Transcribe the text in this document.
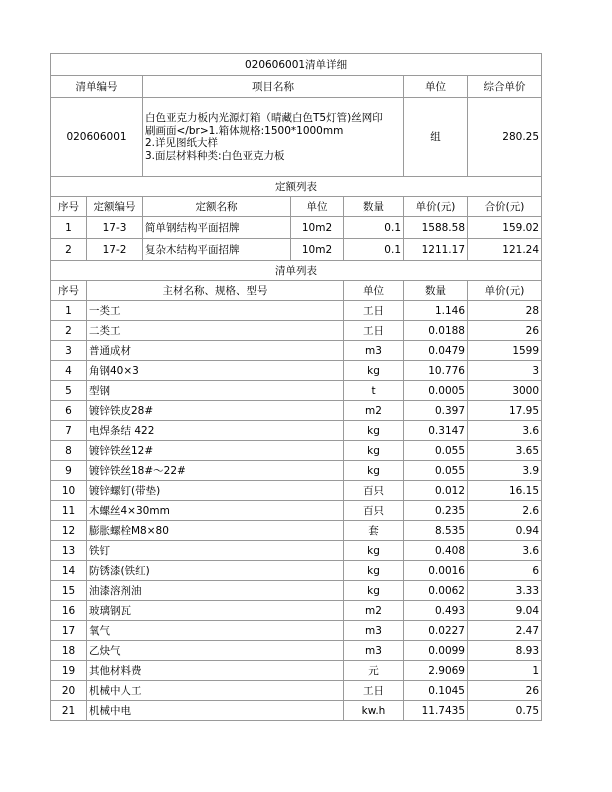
020606001清单详细							
清单编号		项目名称			单位	综合单价	
020606001		白色亚克力板内光源灯箱（晴藏白色T5灯管)丝网印
刷画面</br>1.箱体规格:1500*1000mm
2.详见图纸大样
3.面层材料种类:白色亚克力板			组	280.25	
定额列表							
序号	定额编号	定额名称	单位	数量	单价(元)	合价(元)	
1	17-3	简单钢结构平面招牌	10m2	0.1	1588.58	159.02	
2	17-2	复杂木结构平面招牌	10m2	0.1	1211.17	121.24	
清单列表							
序号	主材名称、规格、型号			单位	数量	单价(元)	
1	一类工			工日	1.146	28	
2	二类工			工日	0.0188	26	
3	普通成材			m3	0.0479	1599	
4	角钢40×3			kg	10.776	3	
5	型钢			t	0.0005	3000	
6	镀锌铁皮28#			m2	0.397	17.95	
7	电焊条结 422			kg	0.3147	3.6	
8	镀锌铁丝12#			kg	0.055	3.65	
9	镀锌铁丝18#～22#			kg	0.055	3.9	
10	镀锌螺钉(带垫)			百只	0.012	16.15	
11	木螺丝4×30mm			百只	0.235	2.6	
12	膨胀螺栓M8×80			套	8.535	0.94	
13	铁钉			kg	0.408	3.6	
14	防锈漆(铁红)			kg	0.0016	6	
15	油漆溶剂油			kg	0.0062	3.33	
16	玻璃钢瓦			m2	0.493	9.04	
17	氧气			m3	0.0227	2.47	
18	乙炔气			m3	0.0099	8.93	
19	其他材料费			元	2.9069	1	
20	机械中人工			工日	0.1045	26	
21	机械中电			kw.h	11.7435	0.75	
